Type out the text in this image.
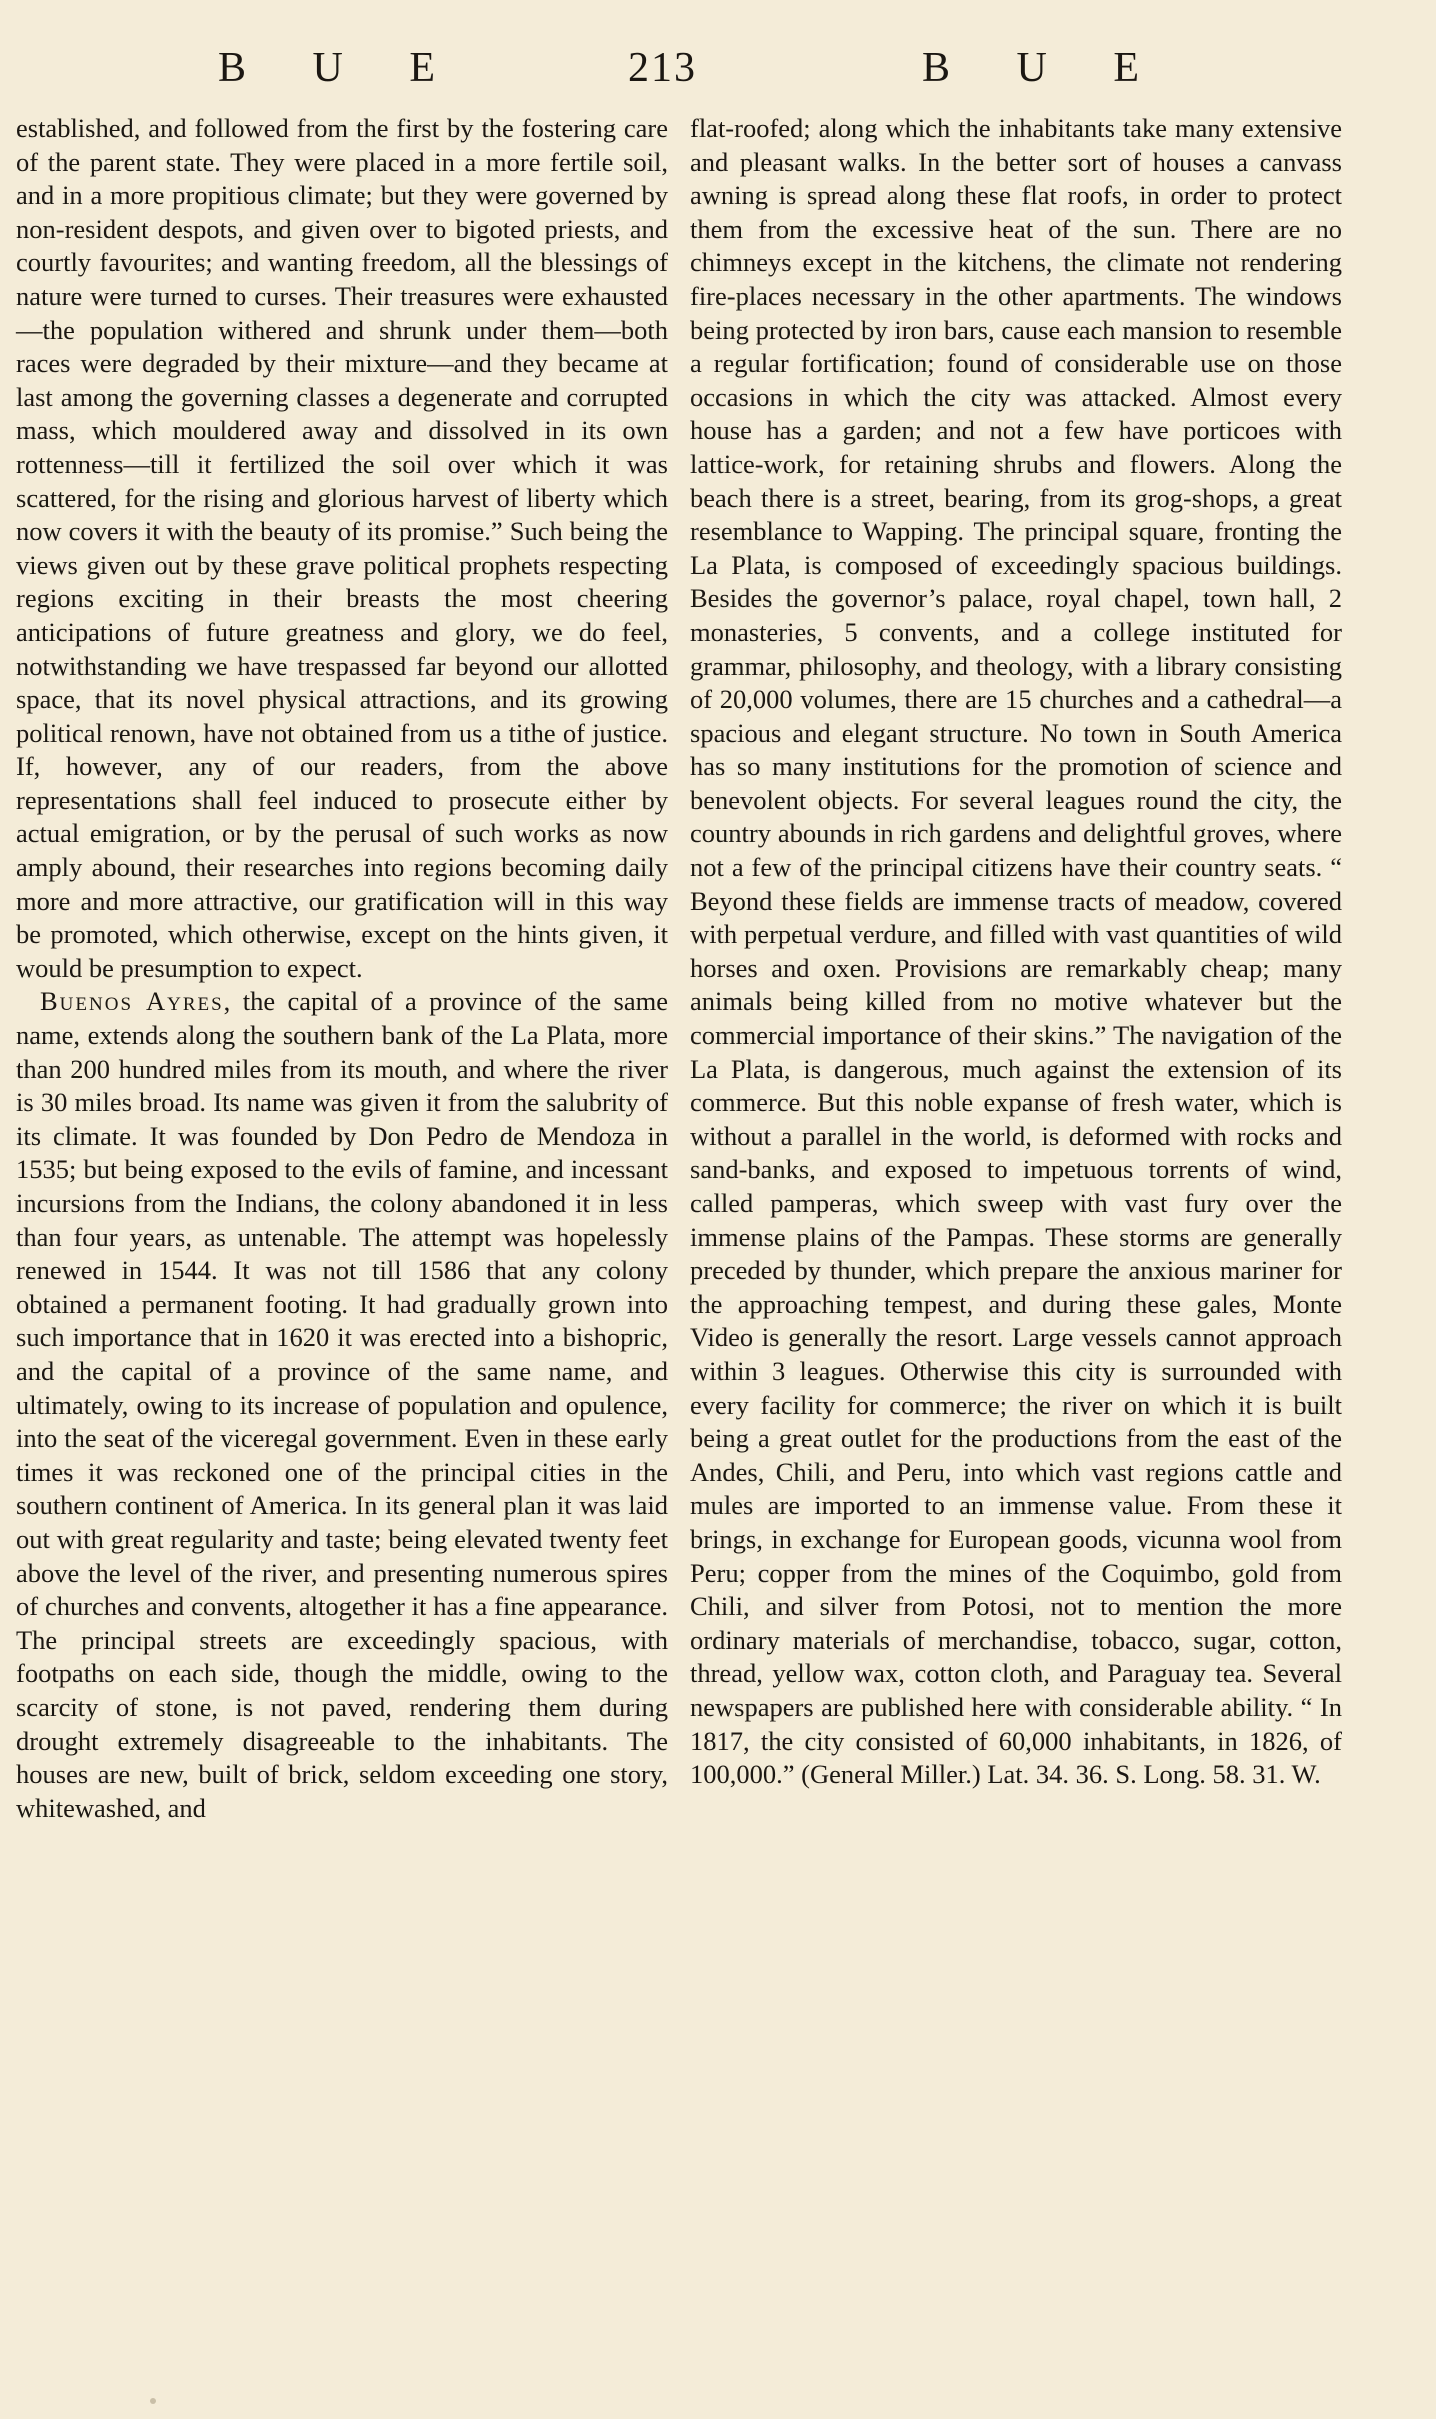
B U E	213	B U E

established, and followed from the first by the fostering care of the parent state. They were placed in a more fertile soil, and in a more propitious climate; but they were governed by non-resident despots, and given over to bigoted priests, and courtly favourites; and wanting freedom, all the blessings of nature were turned to curses. Their treasures were exhausted—the population withered and shrunk under them—both races were degraded by their mixture—and they became at last among the governing classes a degenerate and corrupted mass, which mouldered away and dissolved in its own rottenness—till it fertilized the soil over which it was scattered, for the rising and glorious harvest of liberty which now covers it with the beauty of its promise.” Such being the views given out by these grave political prophets respecting regions exciting in their breasts the most cheering anticipations of future greatness and glory, we do feel, notwithstanding we have trespassed far beyond our allotted space, that its novel physical attractions, and its growing political renown, have not obtained from us a tithe of justice. If, however, any of our readers, from the above representations shall feel induced to prosecute either by actual emigration, or by the perusal of such works as now amply abound, their researches into regions becoming daily more and more attractive, our gratification will in this way be promoted, which otherwise, except on the hints given, it would be presumption to expect.

Buenos Ayres, the capital of a province of the same name, extends along the southern bank of the La Plata, more than 200 hundred miles from its mouth, and where the river is 30 miles broad. Its name was given it from the salubrity of its climate. It was founded by Don Pedro de Mendoza in 1535; but being exposed to the evils of famine, and incessant incursions from the Indians, the colony abandoned it in less than four years, as untenable. The attempt was hopelessly renewed in 1544. It was not till 1586 that any colony obtained a permanent footing. It had gradually grown into such importance that in 1620 it was erected into a bishopric, and the capital of a province of the same name, and ultimately, owing to its increase of population and opulence, into the seat of the viceregal government. Even in these early times it was reckoned one of the principal cities in the southern continent of America. In its general plan it was laid out with great regularity and taste; being elevated twenty feet above the level of the river, and presenting numerous spires of churches and convents, altogether it has a fine appearance. The principal streets are exceedingly spacious, with footpaths on each side, though the middle, owing to the scarcity of stone, is not paved, rendering them during drought extremely disagreeable to the inhabitants. The houses are new, built of brick, seldom exceeding one story, whitewashed, and

flat-roofed; along which the inhabitants take many extensive and pleasant walks. In the better sort of houses a canvass awning is spread along these flat roofs, in order to protect them from the excessive heat of the sun. There are no chimneys except in the kitchens, the climate not rendering fire-places necessary in the other apartments. The windows being protected by iron bars, cause each mansion to resemble a regular fortification; found of considerable use on those occasions in which the city was attacked. Almost every house has a garden; and not a few have porticoes with lattice-work, for retaining shrubs and flowers. Along the beach there is a street, bearing, from its grog-shops, a great resemblance to Wapping. The principal square, fronting the La Plata, is composed of exceedingly spacious buildings. Besides the governor’s palace, royal chapel, town hall, 2 monasteries, 5 convents, and a college instituted for grammar, philosophy, and theology, with a library consisting of 20,000 volumes, there are 15 churches and a cathedral—a spacious and elegant structure. No town in South America has so many institutions for the promotion of science and benevolent objects. For several leagues round the city, the country abounds in rich gardens and delightful groves, where not a few of the principal citizens have their country seats. “ Beyond these fields are immense tracts of meadow, covered with perpetual verdure, and filled with vast quantities of wild horses and oxen. Provisions are remarkably cheap; many animals being killed from no motive whatever but the commercial importance of their skins.” The navigation of the La Plata, is dangerous, much against the extension of its commerce. But this noble expanse of fresh water, which is without a parallel in the world, is deformed with rocks and sand-banks, and exposed to impetuous torrents of wind, called pamperas, which sweep with vast fury over the immense plains of the Pampas. These storms are generally preceded by thunder, which prepare the anxious mariner for the approaching tempest, and during these gales, Monte Video is generally the resort. Large vessels cannot approach within 3 leagues. Otherwise this city is surrounded with every facility for commerce; the river on which it is built being a great outlet for the productions from the east of the Andes, Chili, and Peru, into which vast regions cattle and mules are imported to an immense value. From these it brings, in exchange for European goods, vicunna wool from Peru; copper from the mines of the Coquimbo, gold from Chili, and silver from Potosi, not to mention the more ordinary materials of merchandise, tobacco, sugar, cotton, thread, yellow wax, cotton cloth, and Paraguay tea. Several newspapers are published here with considerable ability. “ In 1817, the city consisted of 60,000 inhabitants, in 1826, of 100,000.” (General Miller.) Lat. 34. 36. S. Long. 58. 31. W.
